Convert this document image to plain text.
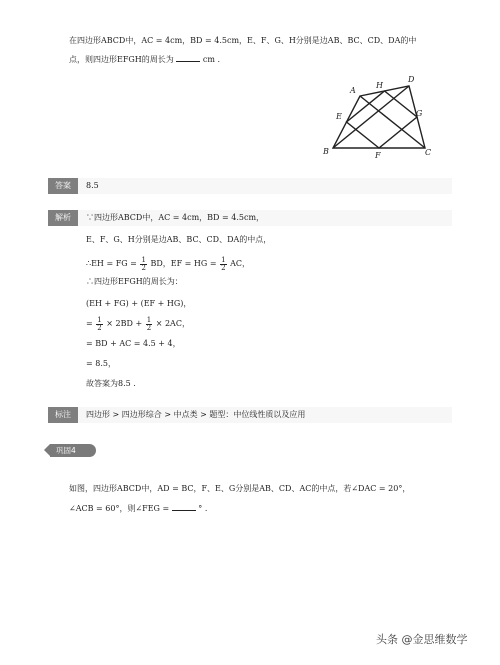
在四边形ABCD中，AC = 4cm，BD = 4.5cm，E、F、G、H分别是边AB、BC、CD、DA的中
点，则四边形EFGH的周长为	cm .
A
H
D
E	G
B	F	C
答案	8.5
解析	∵四边形ABCD中，AC = 4cm，BD = 4.5cm，
E、F、G、H分别是边AB、BC、CD、DA的中点，
∴EH = FG = $\frac{1}{2}$ BD，EF = HG = $\frac{1}{2}$ AC，
∴四边形EFGH的周长为：
(EH + FG) + (EF + HG)，
= $\frac{1}{2} \times 2BD + \frac{1}{2} \times 2AC$，
= BD + AC = 4.5 + 4，
= 8.5，
故答案为8.5 .
标注	四边形 > 四边形综合 > 中点类 > 题型：中位线性质以及应用
巩固4
如图，四边形ABCD中，AD = BC，F、E、G分别是AB、CD、AC的中点，若∠DAC = 20°，
∠ACB = 60°，则∠FEG =	° .
头条 @金思维数学
